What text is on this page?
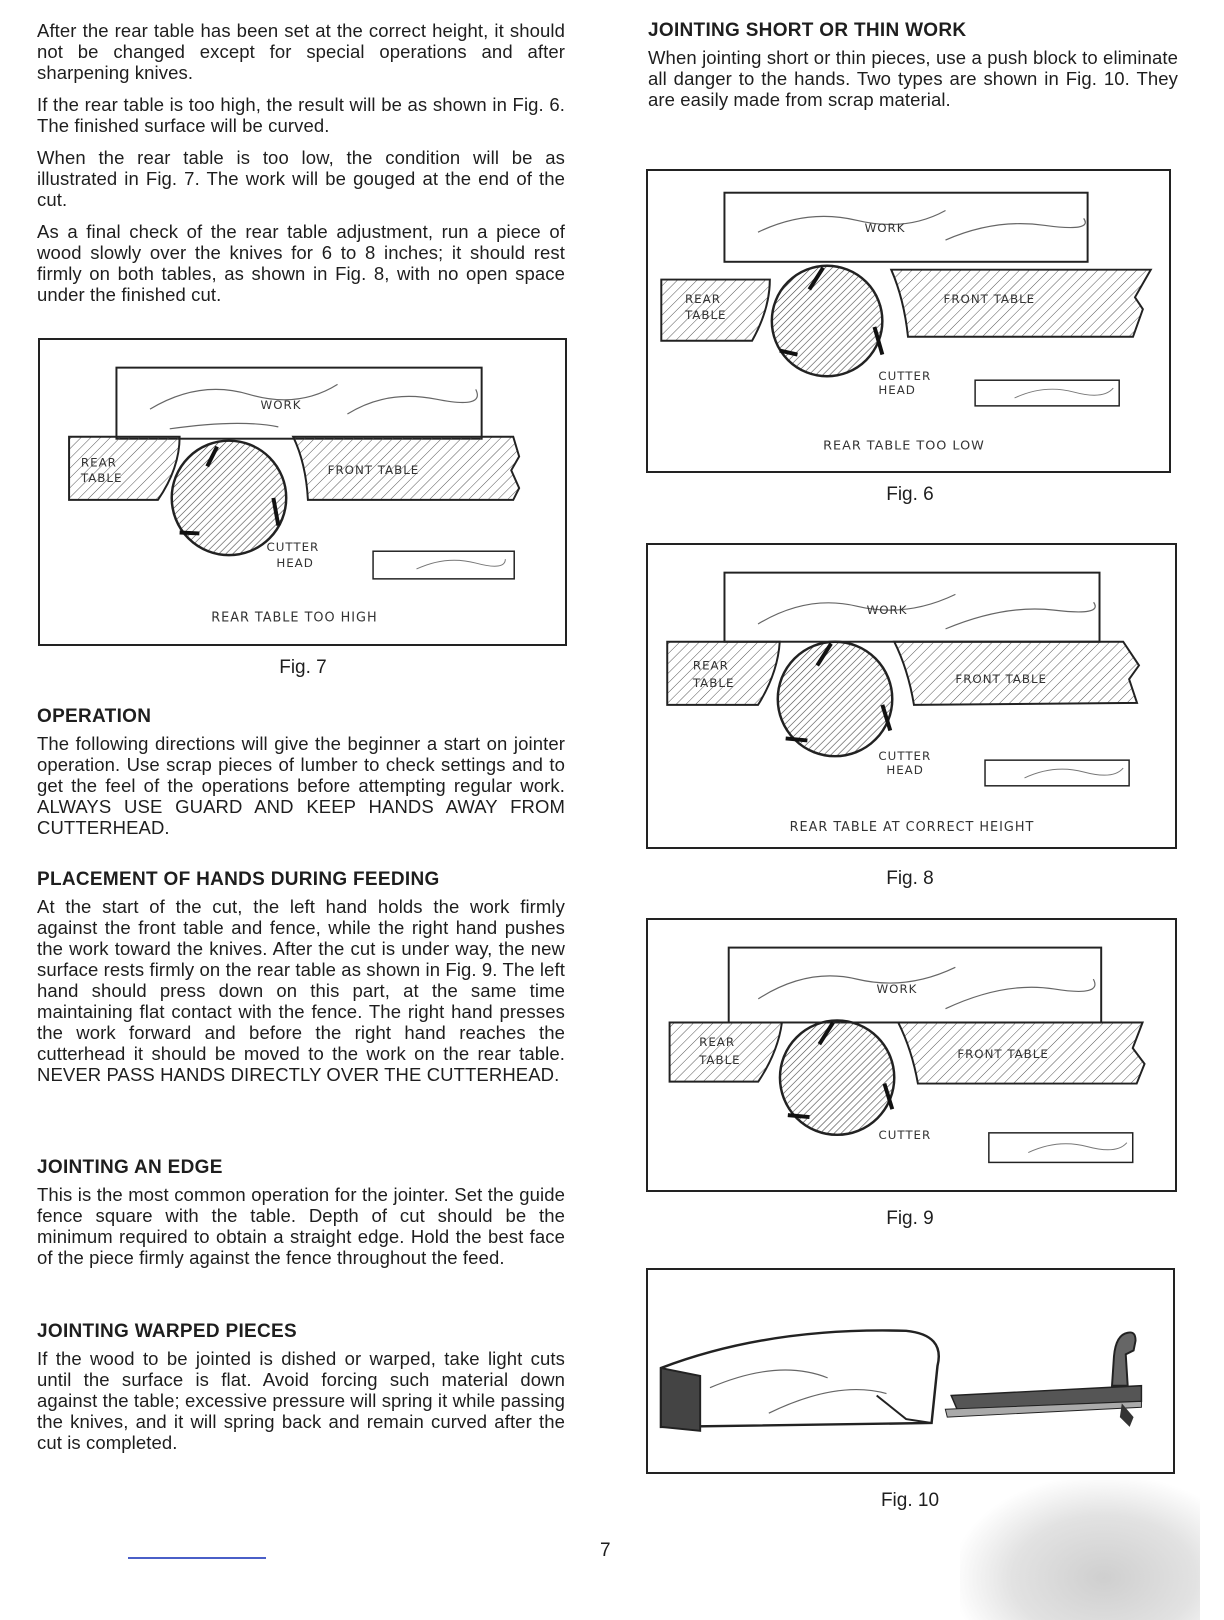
After the rear table has been set at the correct height, it should not be changed except for special operations and after sharpening knives.

If the rear table is too high, the result will be as shown in Fig. 6. The finished surface will be curved.

When the rear table is too low, the condition will be as illustrated in Fig. 7. The work will be gouged at the end of the cut.

As a final check of the rear table adjustment, run a piece of wood slowly over the knives for 6 to 8 inches; it should rest firmly on both tables, as shown in Fig. 8, with no open space under the finished cut.

OPERATION

The following directions will give the beginner a start on jointer operation. Use scrap pieces of lumber to check settings and to get the feel of the operations before attempting regular work. ALWAYS USE GUARD AND KEEP HANDS AWAY FROM CUTTERHEAD.

PLACEMENT OF HANDS DURING FEEDING

At the start of the cut, the left hand holds the work firmly against the front table and fence, while the right hand pushes the work toward the knives. After the cut is under way, the new surface rests firmly on the rear table as shown in Fig. 9. The left hand should press down on this part, at the same time maintaining flat contact with the fence. The right hand presses the work forward and before the right hand reaches the cutterhead it should be moved to the work on the rear table. NEVER PASS HANDS DIRECTLY OVER THE CUTTERHEAD.

JOINTING AN EDGE

This is the most common operation for the jointer. Set the guide fence square with the table. Depth of cut should be the minimum required to obtain a straight edge. Hold the best face of the piece firmly against the fence throughout the feed.

JOINTING WARPED PIECES

If the wood to be jointed is dished or warped, take light cuts until the surface is flat. Avoid forcing such material down against the table; excessive pressure will spring it while passing the knives, and it will spring back and remain curved after the cut is completed.

JOINTING SHORT OR THIN WORK

When jointing short or thin pieces, use a push block to eliminate all danger to the hands. Two types are shown in Fig. 10. They are easily made from scrap material.

WORK
REAR
TABLE
FRONT TABLE
CUTTER
HEAD
REAR TABLE TOO HIGH
Fig. 7
WORK
REAR
TABLE
FRONT TABLE
CUTTER
HEAD
REAR TABLE TOO LOW
Fig. 6
WORK
REAR
TABLE	FRONT TABLE
CUTTER
HEAD
REAR TABLE AT CORRECT HEIGHT
Fig. 8
WORK
REAR
TABLE	FRONT TABLE
CUTTER
Fig. 9
Fig. 10
7
